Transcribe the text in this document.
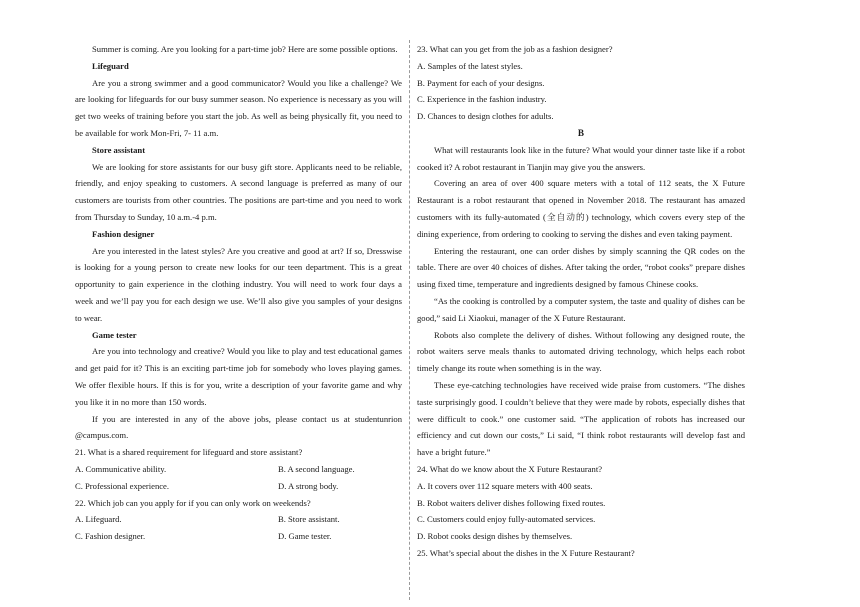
Summer is coming. Are you looking for a part-time job? Here are some possible options.

Lifeguard

Are you a strong swimmer and a good communicator? Would you like a challenge? We are looking for lifeguards for our busy summer season. No experience is necessary as you will get two weeks of training before you start the job. As well as being physically fit, you need to be available for work Mon-Fri, 7- 11 a.m.

Store assistant

We are looking for store assistants for our busy gift store. Applicants need to be reliable, friendly, and enjoy speaking to customers. A second language is preferred as many of our customers are tourists from other countries. The positions are part-time and you need to work from Thursday to Sunday, 10 a.m.-4 p.m.

Fashion designer

Are you interested in the latest styles? Are you creative and good at art? If so, Dresswise is looking for a young person to create new looks for our teen department. This is a great opportunity to gain experience in the clothing industry. You will need to work four days a week and we’ll pay you for each design we use. We’ll also give you samples of your designs to wear.

Game tester

Are you into technology and creative? Would you like to play and test educational games and get paid for it? This is an exciting part-time job for somebody who loves playing games. We offer flexible hours. If this is for you, write a description of your favorite game and why you like it in no more than 150 words.

If you are interested in any of the above jobs, please contact us at studentunrion @campus.com.

21. What is a shared requirement for lifeguard and store assistant?

A. Communicative ability.	B. A second language.
C. Professional experience.	D. A strong body.

22. Which job can you apply for if you can only work on weekends?

A. Lifeguard.	B. Store assistant.
C. Fashion designer.	D. Game tester.

23. What can you get from the job as a fashion designer?

A. Samples of the latest styles.

B. Payment for each of your designs.

C. Experience in the fashion industry.

D. Chances to design clothes for adults.

B

What will restaurants look like in the future? What would your dinner taste like if a robot cooked it? A robot restaurant in Tianjin may give you the answers.

Covering an area of over 400 square meters with a total of 112 seats, the X Future Restaurant is a robot restaurant that opened in November 2018. The restaurant has amazed customers with its fully-automated (全自动的) technology, which covers every step of the dining experience, from ordering to cooking to serving the dishes and even taking payment.

Entering the restaurant, one can order dishes by simply scanning the QR codes on the table. There are over 40 choices of dishes. After taking the order, “robot cooks” prepare dishes using fixed time, temperature and ingredients designed by famous Chinese cooks.

“As the cooking is controlled by a computer system, the taste and quality of dishes can be good,” said Li Xiaokui, manager of the X Future Restaurant.

Robots also complete the delivery of dishes. Without following any designed route, the robot waiters serve meals thanks to automated driving technology, which helps each robot timely change its route when something is in the way.

These eye-catching technologies have received wide praise from customers. “The dishes taste surprisingly good. I couldn’t believe that they were made by robots, especially dishes that were difficult to cook.” one customer said. “The application of robots has increased our efficiency and cut down our costs,” Li said, “I think robot restaurants will develop fast and have a bright future.”

24. What do we know about the X Future Restaurant?

A. It covers over 112 square meters with 400 seats.

B. Robot waiters deliver dishes following fixed routes.

C. Customers could enjoy fully-automated services.

D. Robot cooks design dishes by themselves.

25. What’s special about the dishes in the X Future Restaurant?
